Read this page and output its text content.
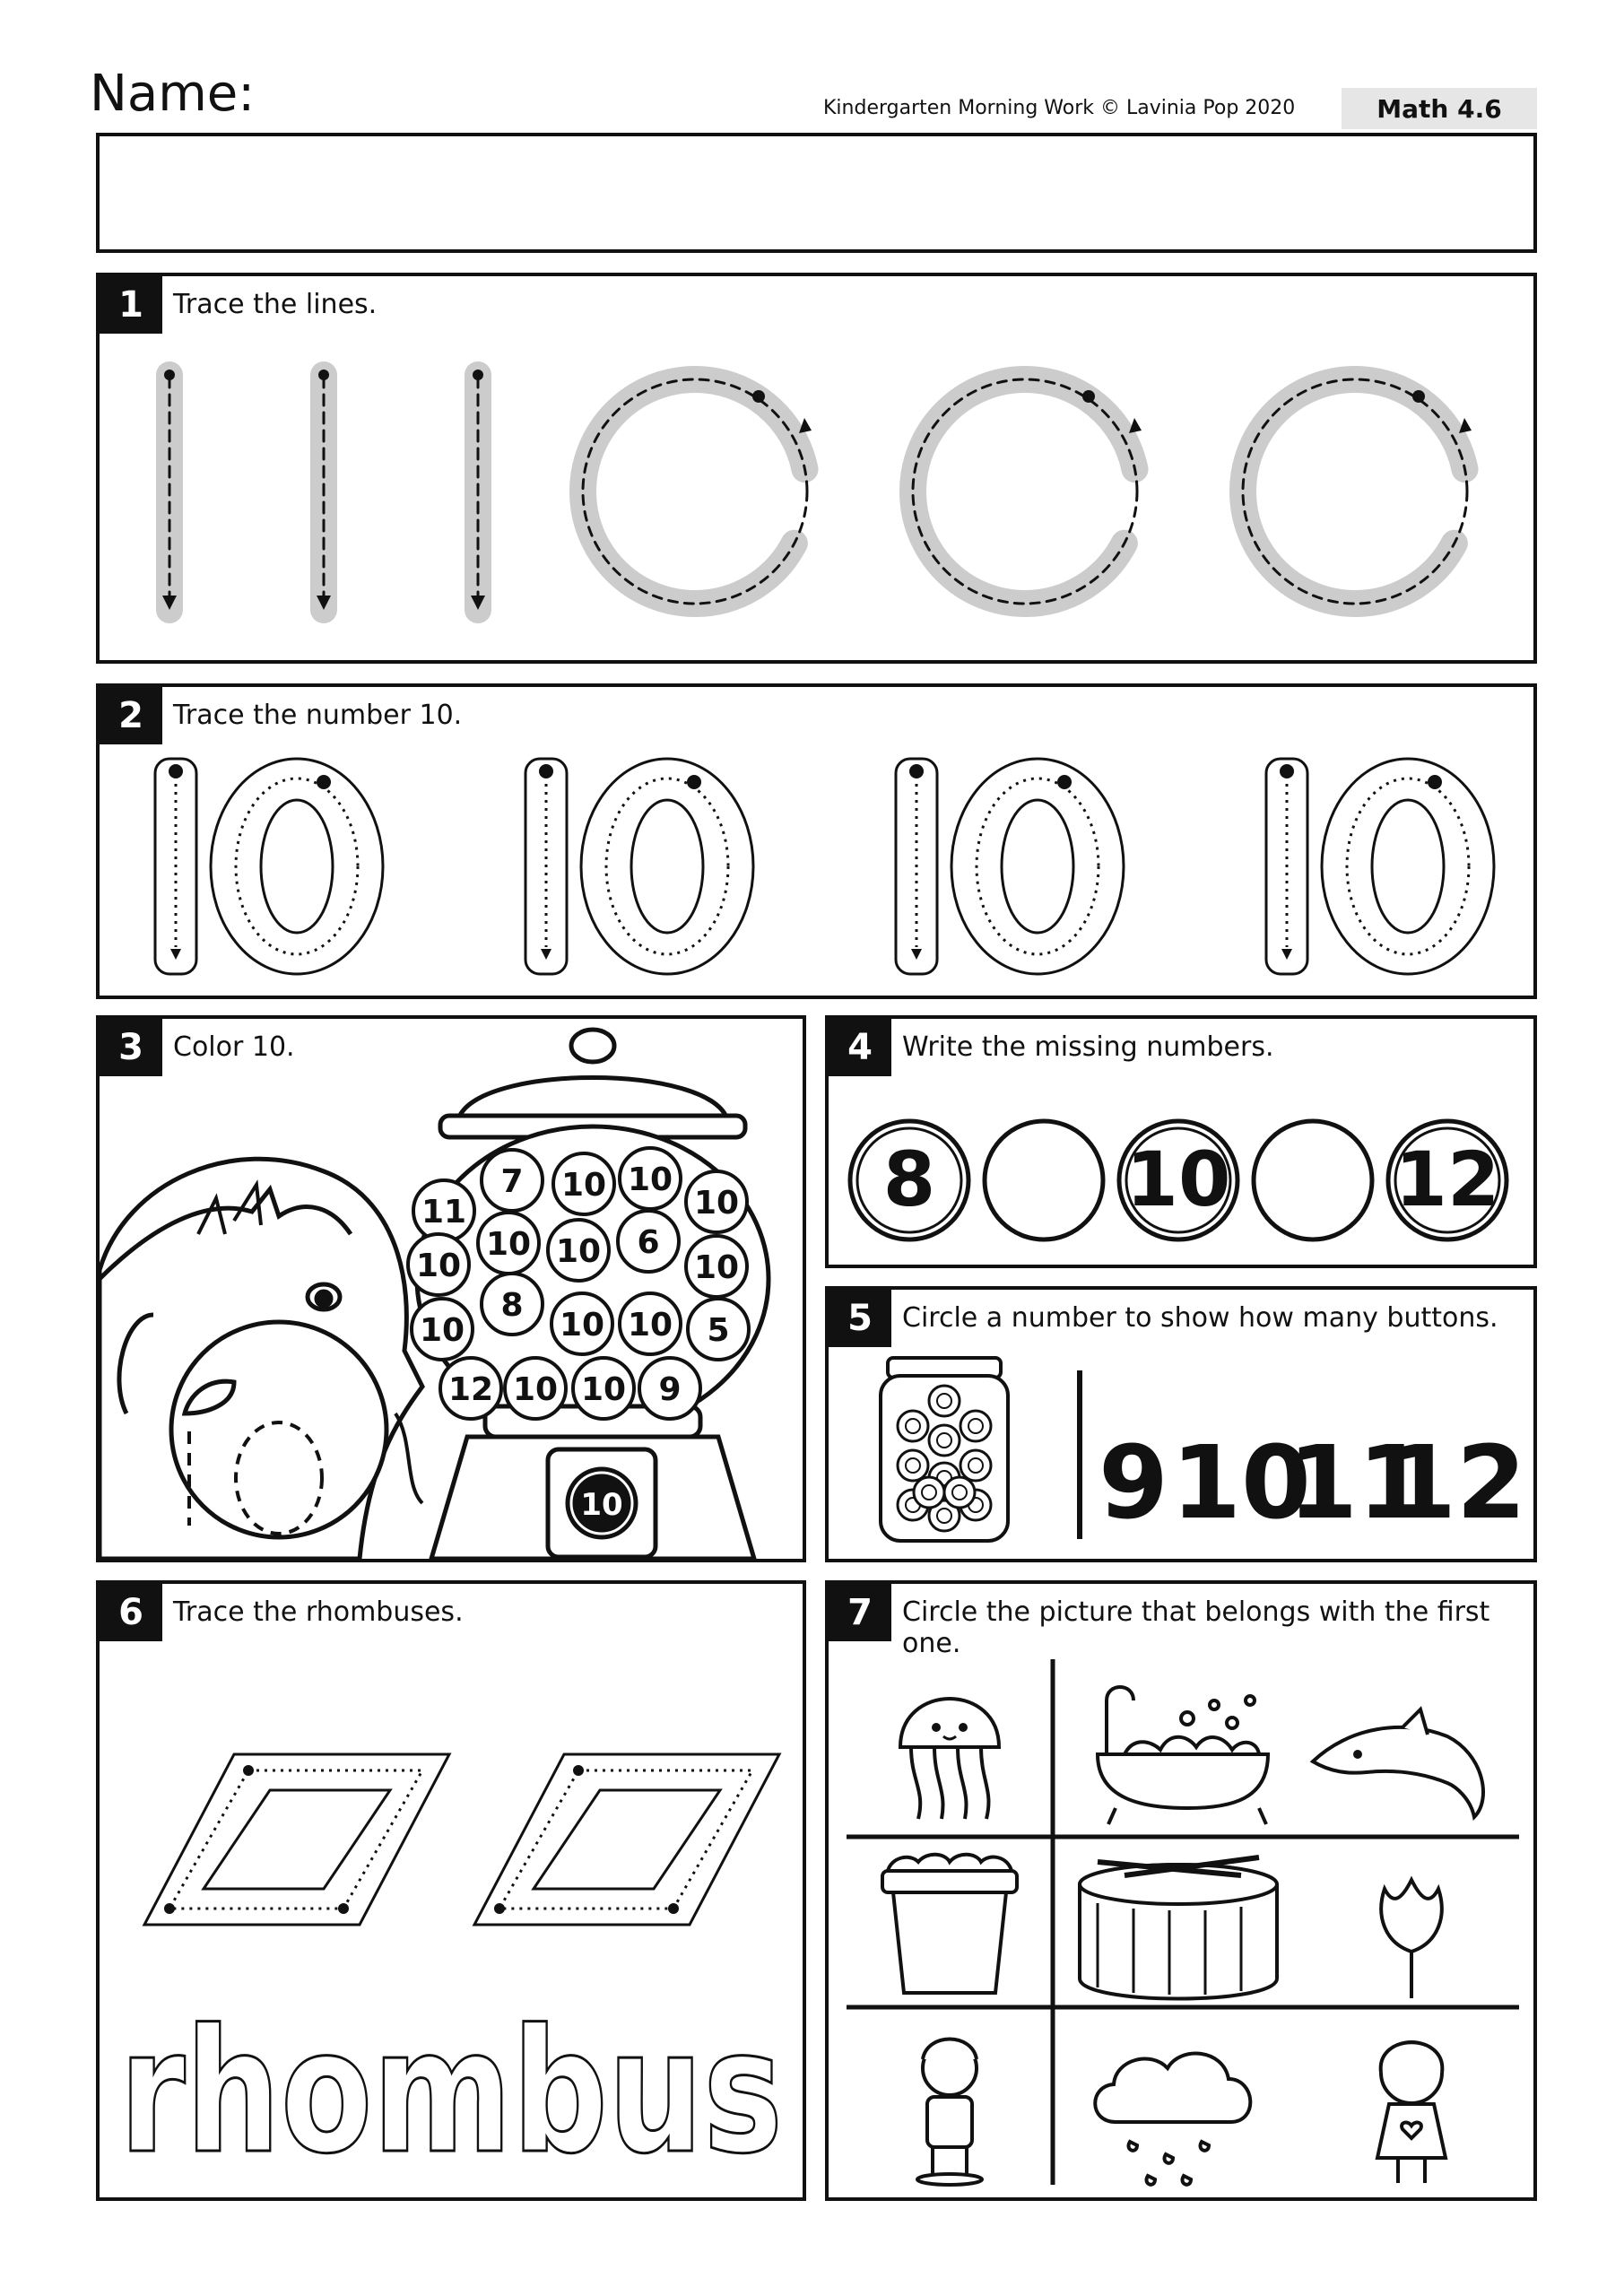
Name:	Kindergarten Morning Work © Lavinia Pop 2020	Math 4.6
1	Trace the lines.
2	Trace the number 10.
3	Color 10.
10
11
7 10 10
10
10
10 10 6
10
10
8
10 10 5
12 10 10 9
4	Write the missing numbers.
8	10 12
5	Circle a number to show how many buttons.
9 10
11
12
6	Trace the rhombuses.
rhombus
7	Circle the picture that belongs with the first one.
